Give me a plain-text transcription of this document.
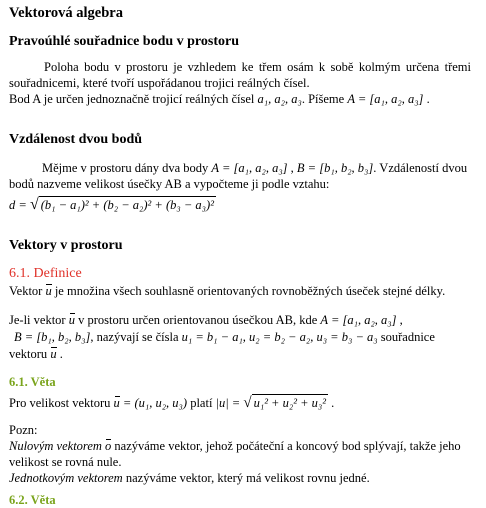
Vektorová algebra
Pravoúhlé souřadnice bodu v prostoru
Poloha bodu v prostoru je vzhledem ke třem osám k sobě kolmým určena třemi
souřadnicemi, které tvoří uspořádanou trojici reálných čísel.
Bod A je určen jednoznačně trojicí reálných čísel a₁, a₂, a₃. Píšeme A = [a₁, a₂, a₃] .
Vzdálenost dvou bodů
Mějme v prostoru dány dva body A = [a₁, a₂, a₃] , B = [b₁, b₂, b₃]. Vzdáleností dvou
bodů nazveme velikost úsečky AB a vypočteme ji podle vztahu:
d = √ (b₁ − a₁)² + (b₂ − a₂)² + (b₃ − a₃)²
Vektory v prostoru
6.1. Definice
Vektor u je množina všech souhlasně orientovaných rovnoběžných úseček stejné délky.
Je-li vektor u v prostoru určen orientovanou úsečkou AB, kde A = [a₁, a₂, a₃] ,
B = [b₁, b₂, b₃], nazývají se čísla u₁ = b₁ − a₁, u₂ = b₂ − a₂, u₃ = b₃ − a₃ souřadnice
vektoru u .
6.1. Věta
Pro velikost vektoru u = (u₁, u₂, u₃) platí |u| = √ u₁² + u₂² + u₃² .
Pozn:
Nulovým vektorem o nazýváme vektor, jehož počáteční a koncový bod splývají, takže jeho
velikost se rovná nule.
Jednotkovým vektorem nazýváme vektor, který má velikost rovnu jedné.
6.2. Věta
